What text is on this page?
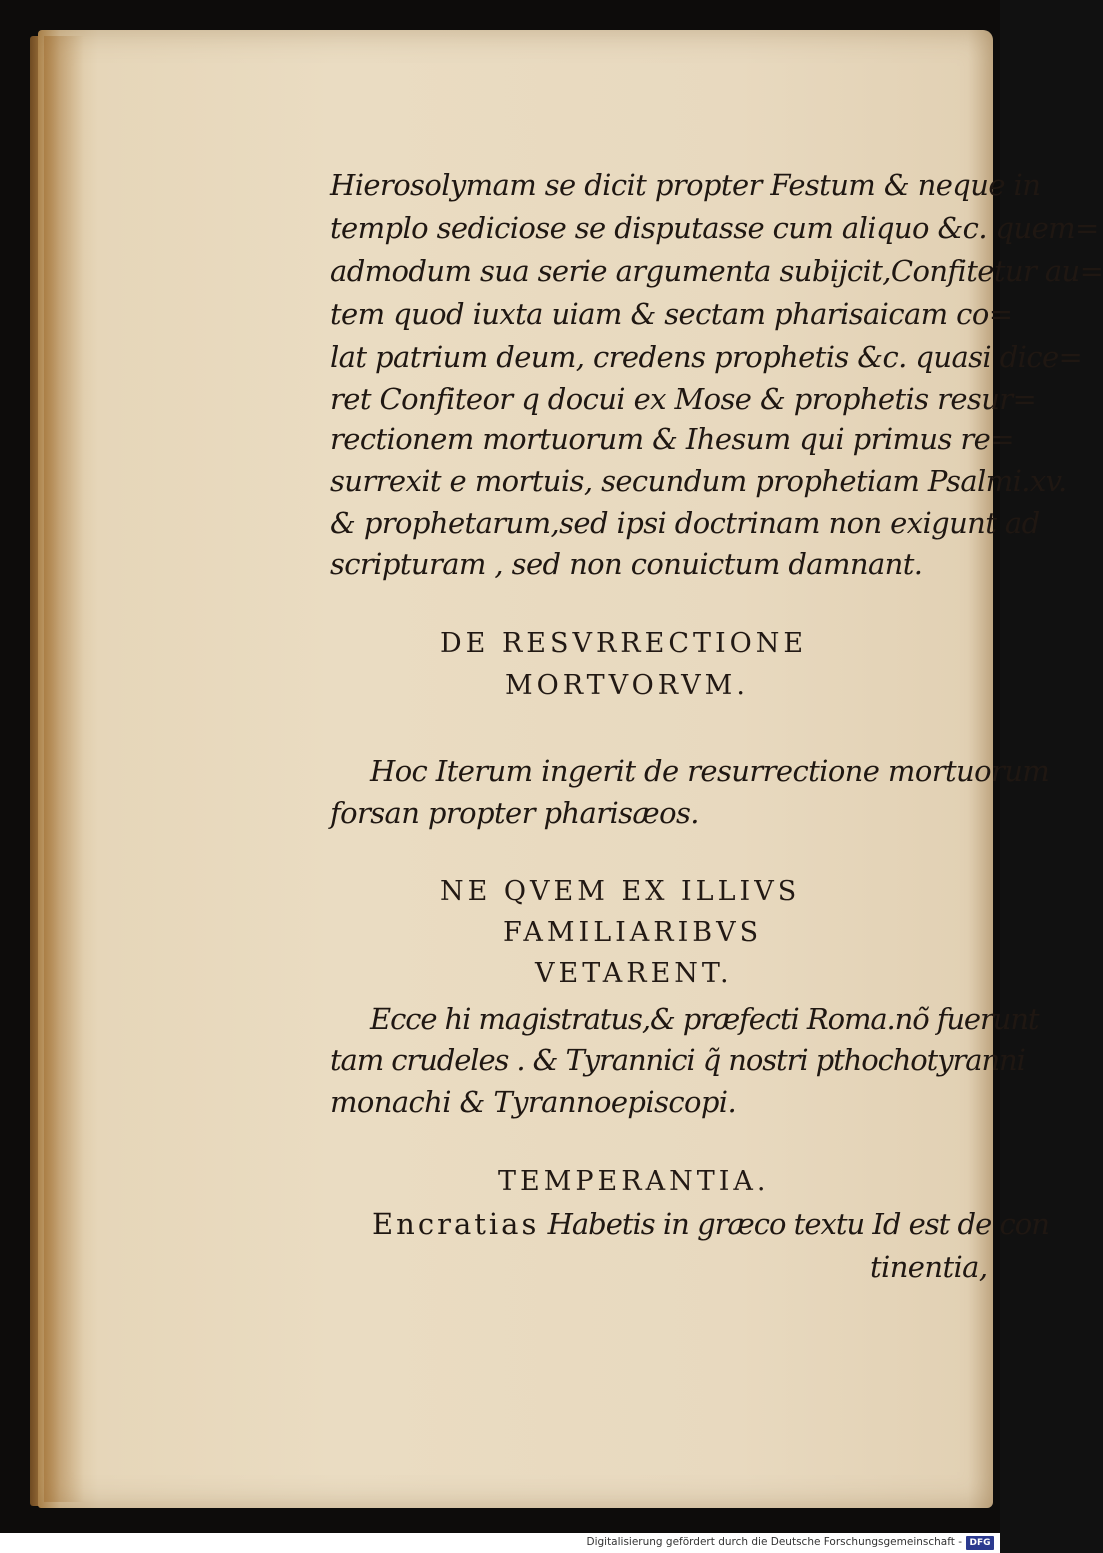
Hierosolymam se dicit propter Festum & neque in
templo sediciose se disputasse cum aliquo &c. quem=
admodum sua serie argumenta subijcit,Confitetur au=
tem quod iuxta uiam & sectam pharisaicam co=
lat patrium deum, credens prophetis &c. quasi dice=
ret Confiteor q docui ex Mose & prophetis resur=
rectionem mortuorum & Ihesum qui primus re=
surrexit e mortuis, secundum prophetiam Psalmi.xv.
& prophetarum,sed ipsi doctrinam non exigunt ad
scripturam , sed non conuictum damnant.
DE RESVRRECTIONE
MORTVORVM.
Hoc Iterum ingerit de resurrectione mortuorum
forsan propter pharisæos.
NE QVEM EX ILLIVS
FAMILIARIBVS
VETARENT.
Ecce hi magistratus,& præfecti Roma.nõ fuerunt
tam crudeles . & Tyrannici q̃ nostri pthochotyranni
monachi & Tyrannoepiscopi.
TEMPERANTIA.
Encratias Habetis in græco textu Id est de con
tinentia,
Digitalisierung gefördert durch die Deutsche Forschungsgemeinschaft - DFG
